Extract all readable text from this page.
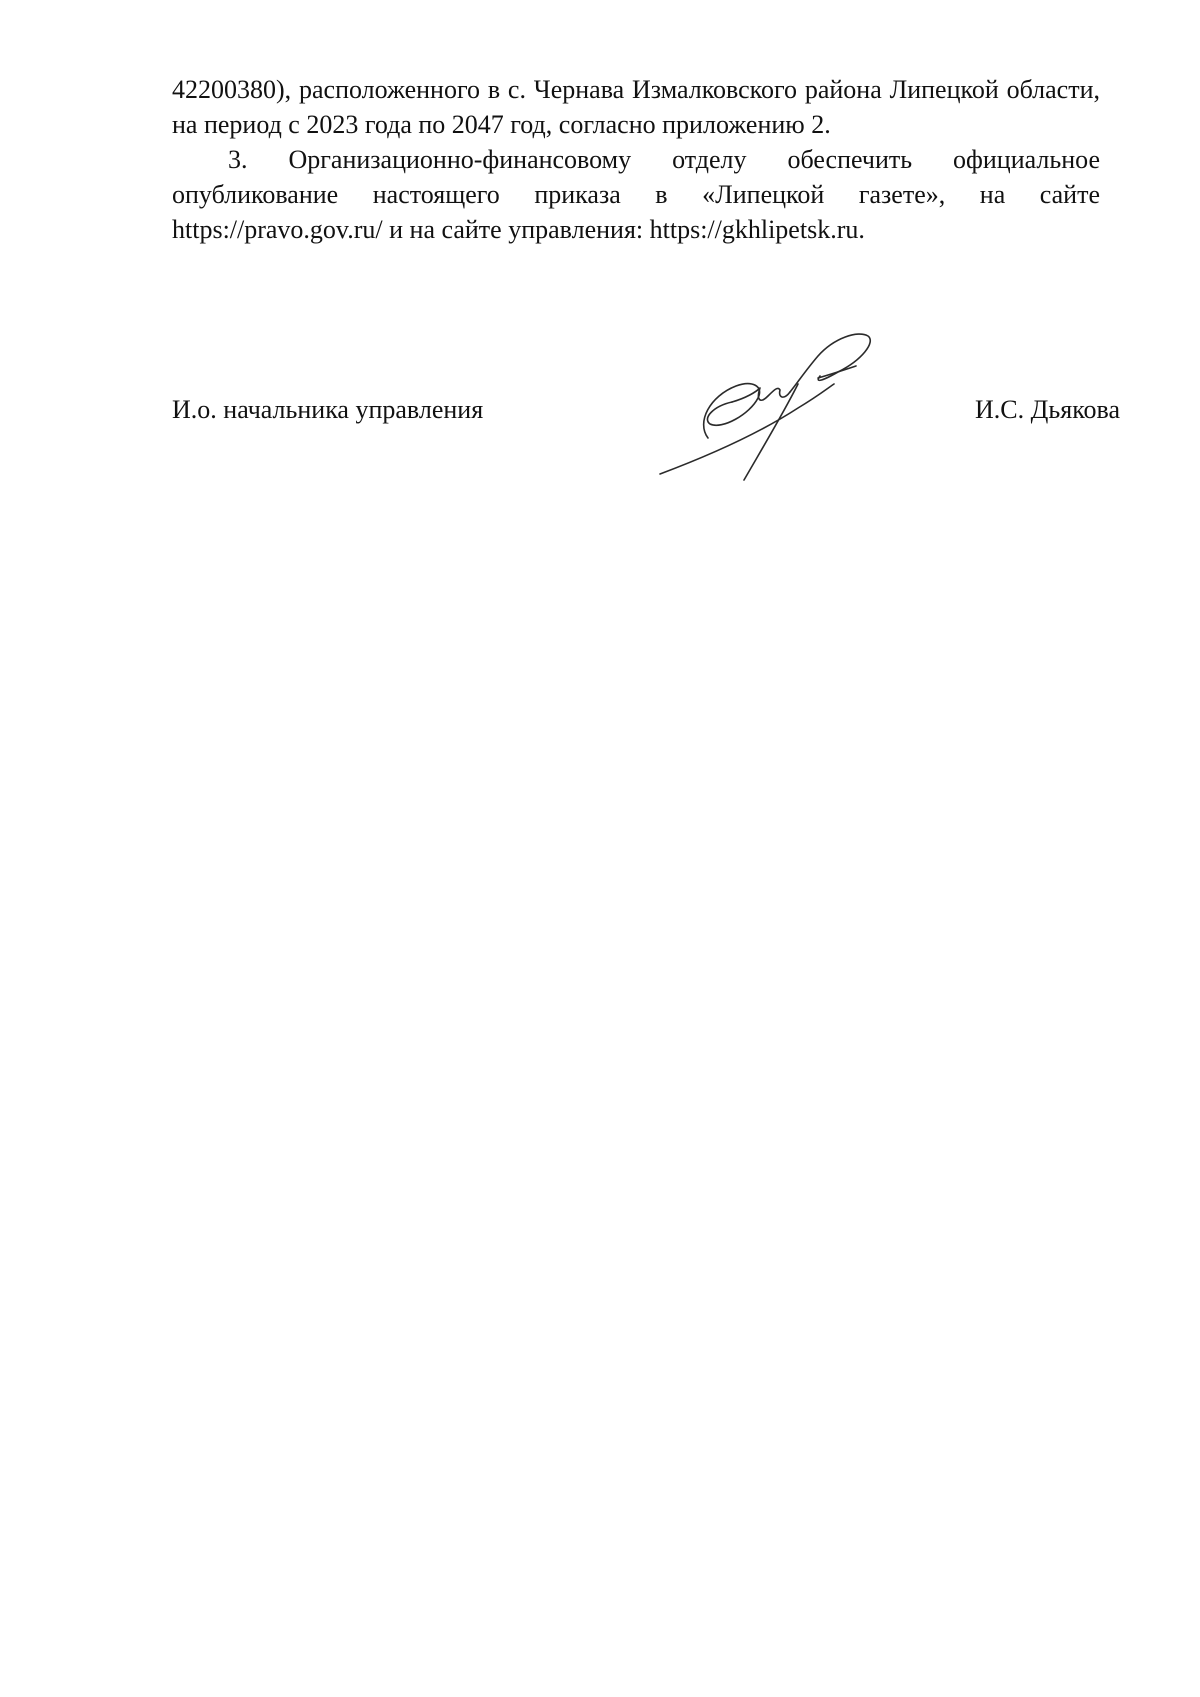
42200380), расположенного в с. Чернава Измалковского района Липецкой области, на период с 2023 года по 2047 год, согласно приложению 2.

3. Организационно-финансовому отделу обеспечить официальное опубликование настоящего приказа в «Липецкой газете», на сайте https://pravo.gov.ru/ и на сайте управления: https://gkhlipetsk.ru.

И.о. начальника управления	И.С. Дьякова
